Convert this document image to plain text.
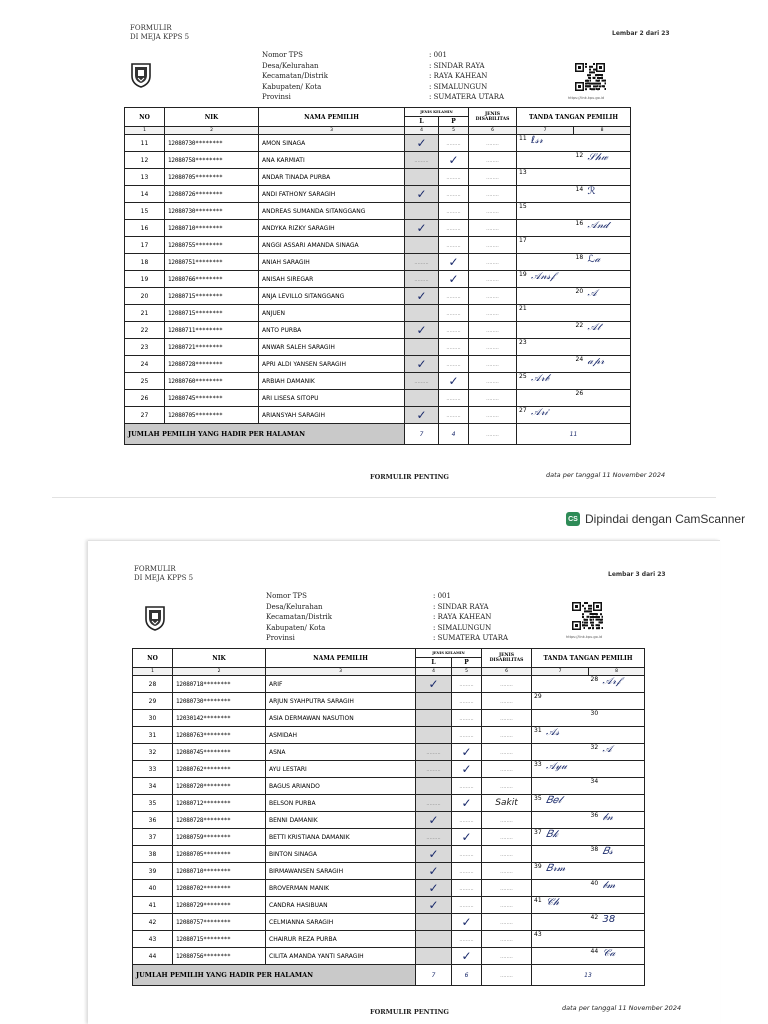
FORMULIR
DI MEJA KPPS 5	Lembar 2 dari 23
Nomor TPS	: 001
Desa/Kelurahan	: SINDAR RAYA
Kecamatan/Distrik	: RAYA KAHEAN
Kabupaten/ Kota	: SIMALUNGUN
Provinsi	: SUMATERA UTARA	https://link.kpu.go.id
NO	NIK	NAMA PEMILIH	JENIS KELAMIN		JENIS DISABILITAS	TANDA TANGAN PEMILIH	
			L	P			
1	2	3	4	5	6	7	8
11	12080730********	AMON SINAGA	✓	.........	........	11 ℓ𝓈𝓇	

12	12080758********	ANA KARMIATI	.........	✓	........		12 𝒮𝒽𝓌

13	12080705********	ANDAR TINADA PURBA		.........	........	13	

14	12080726********	ANDI FATHONY SARAGIH	✓	.........	........		14 ℛ

15	12080730********	ANDREAS SUMANDA SITANGGANG		.........	........	15	

16	12080710********	ANDYKA RIZKY SARAGIH	✓	.........	........		16 𝒜𝓃𝒹

17	12080755********	ANGGI ASSARI AMANDA SINAGA		.........	........	17	

18	12080751********	ANIAH SARAGIH	.........	✓	........		18 ℒ𝒶

19	12080766********	ANISAH SIREGAR	.........	✓	........	19 𝒜𝓃𝓈𝒻	

20	12080715********	ANJA LEVILLO SITANGGANG	✓	.........	........		20 𝒜

21	12080715********	ANJUEN		.........	........	21	

22	12080711********	ANTO PURBA	✓	.........	........		22 𝒜𝓉

23	12080721********	ANWAR SALEH SARAGIH		.........	........	23	

24	12080728********	APRI ALDI YANSEN SARAGIH	✓	.........	........		24 𝒶𝓅𝓇

25	12080760********	ARBIAH DAMANIK	.........	✓	........	25 𝒜𝓇𝒷	

26	12080745********	ARI LISESA SITOPU		.........	........		26

27	12080705********	ARIANSYAH SARAGIH	✓	.........	........	27 𝒜𝓇𝒾	

JUMLAH PEMILIH YANG HADIR PER HALAMAN			7	4	........	11	
FORMULIR PENTING	data per tanggal 11 November 2024
FORMULIR
DI MEJA KPPS 5	Lembar 3 dari 23
Nomor TPS	: 001
Desa/Kelurahan	: SINDAR RAYA
Kecamatan/Distrik	: RAYA KAHEAN
Kabupaten/ Kota	: SIMALUNGUN
Provinsi	: SUMATERA UTARA	https://link.kpu.go.id
NO	NIK	NAMA PEMILIH	JENIS KELAMIN		JENIS DISABILITAS	TANDA TANGAN PEMILIH	
			L	P			
1	2	3	4	5	6	7	8
28	12080718********	ARIF	✓	.........	........		28 𝒜𝓇𝒻

29	12080730********	ARJUN SYAHPUTRA SARAGIH		.........	........	29	

30	12030142********	ASIA DERMAWAN NASUTION		.........	........		30

31	12080763********	ASMIDAH		.........	........	31 𝒜𝓈	

32	12080745********	ASNA	.........	✓	........		32 𝒜

33	12080762********	AYU LESTARI	.........	✓	........	33 𝒜𝓎𝓊	

34	12080720********	BAGUS ARIANDO		.........	........		34

35	12080712********	BELSON PURBA	.........	✓	Sakit	35 𝐵𝑒𝓁	

36	12080728********	BENNI DAMANIK	✓	.........	........		36 𝒷𝓃

37	12080759********	BETTI KRISTIANA DAMANIK	.........	✓	........	37 𝐵𝓀	

38	12080705********	BINTON SINAGA	✓	.........	........		38 𝐵𝓈

39	12080710********	BIRMAWANSEN SARAGIH	✓	.........	........	39 𝐵𝓇𝓂	

40	12080702********	BROVERMAN MANIK	✓	.........	........		40 𝒷𝓂

41	12080729********	CANDRA HASIBUAN	✓	.........	........	41 𝒞𝒽	

42	12080757********	CELMIANNA SARAGIH		✓	........		42 38

43	12080715********	CHAIRUR REZA PURBA		.........	........	43	

44	12080756********	CILITA AMANDA YANTI SARAGIH		✓	........		44 𝒞𝒶

JUMLAH PEMILIH YANG HADIR PER HALAMAN			7	6	........	13	
FORMULIR PENTING	data per tanggal 11 November 2024
CS Dipindai dengan CamScanner
